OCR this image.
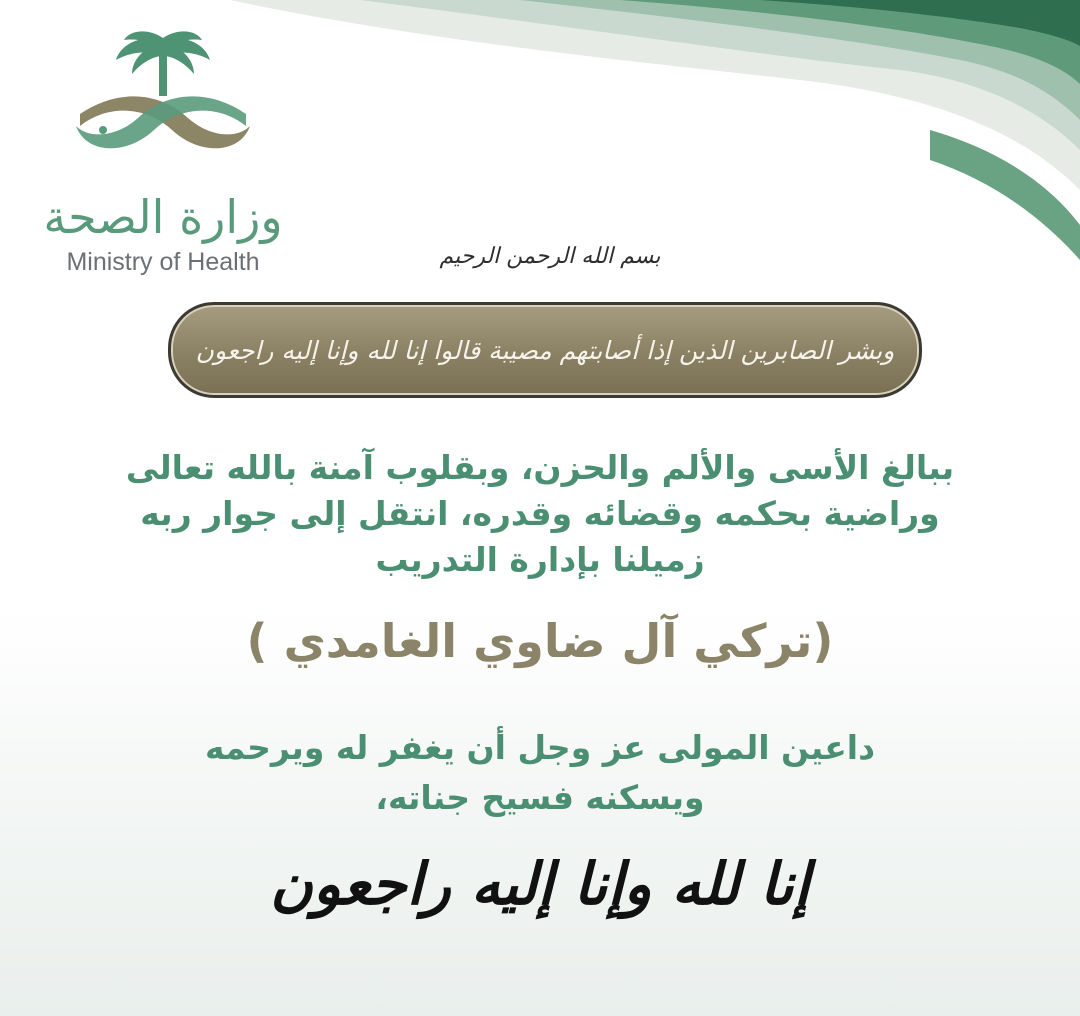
وزارة الصحة
Ministry of Health	بسم الله الرحمن الرحيم
وبشر الصابرين الذين إذا أصابتهم مصيبة قالوا إنا لله وإنا إليه راجعون
ببالغ الأسى والألم والحزن، وبقلوب آمنة بالله تعالى
وراضية بحكمه وقضائه وقدره، انتقل إلى جوار ربه
زميلنا بإدارة التدريب
(تركي آل ضاوي الغامدي )
داعين المولى عز وجل أن يغفر له ويرحمه
ويسكنه فسيح جناته،
إنا لله وإنا إليه راجعون
